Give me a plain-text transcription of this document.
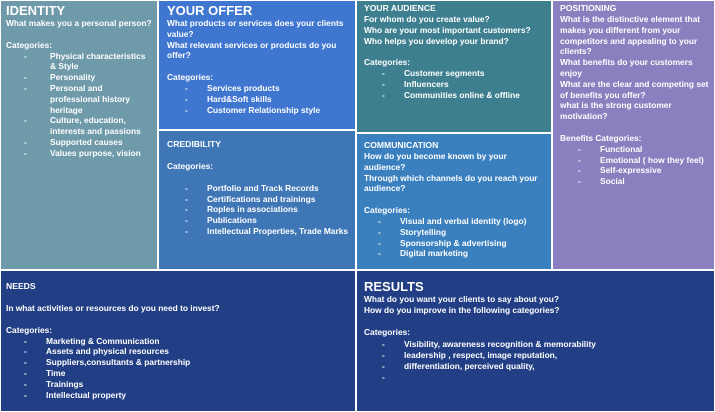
IDENTITY
What makes you a personal person?
Categories:
- Physical characteristics & Style
- Personality
- Personal and professional history heritage
- Culture, education, interests and passions
- Supported causes
- Values purpose, vision
YOUR OFFER
What products or services does your clients value?
What relevant services or products do you offer?
Categories:
- Services products
- Hard&Soft skills
- Customer Relationship style
CREDIBILITY
Categories:
- Portfolio and Track Records
- Certifications and trainings
- Roples in associations
- Publications
- Intellectual Properties, Trade Marks
YOUR AUDIENCE
For whom do you create value?
Who are your most important customers?
Who helps you develop your brand?
Categories:
- Customer segments
- Influencers
- Communities online & offline
COMMUNICATION
How do you become known by your audience?
Through which channels do you reach your audience?
Categories:
- Visual and verbal identity (logo)
- Storytelling
- Sponsorship & advertising
- Digital marketing
POSITIONING
What is the distinctive element that makes you different from your competitors and appealing to your clients?
What benefits do your customers enjoy
What are the clear and competing set of benefits you offer?
what is the strong customer motivation?
Benefits Categories:
- Functional
- Emotional ( how they feel)
- Self-expressive
- Social
NEEDS
In what activities or resources do you need to invest?
Categories:
- Marketing & Communication
- Assets and physical resources
- Suppliers,consultants & partnership
- Time
- Trainings
- Intellectual property
RESULTS
What do you want your clients to say about you?
How do you improve in the following categories?
Categories:
- Visibility, awareness recognition & memorability
- leadership , respect, image reputation,
- differentiation, perceived quality,
-
